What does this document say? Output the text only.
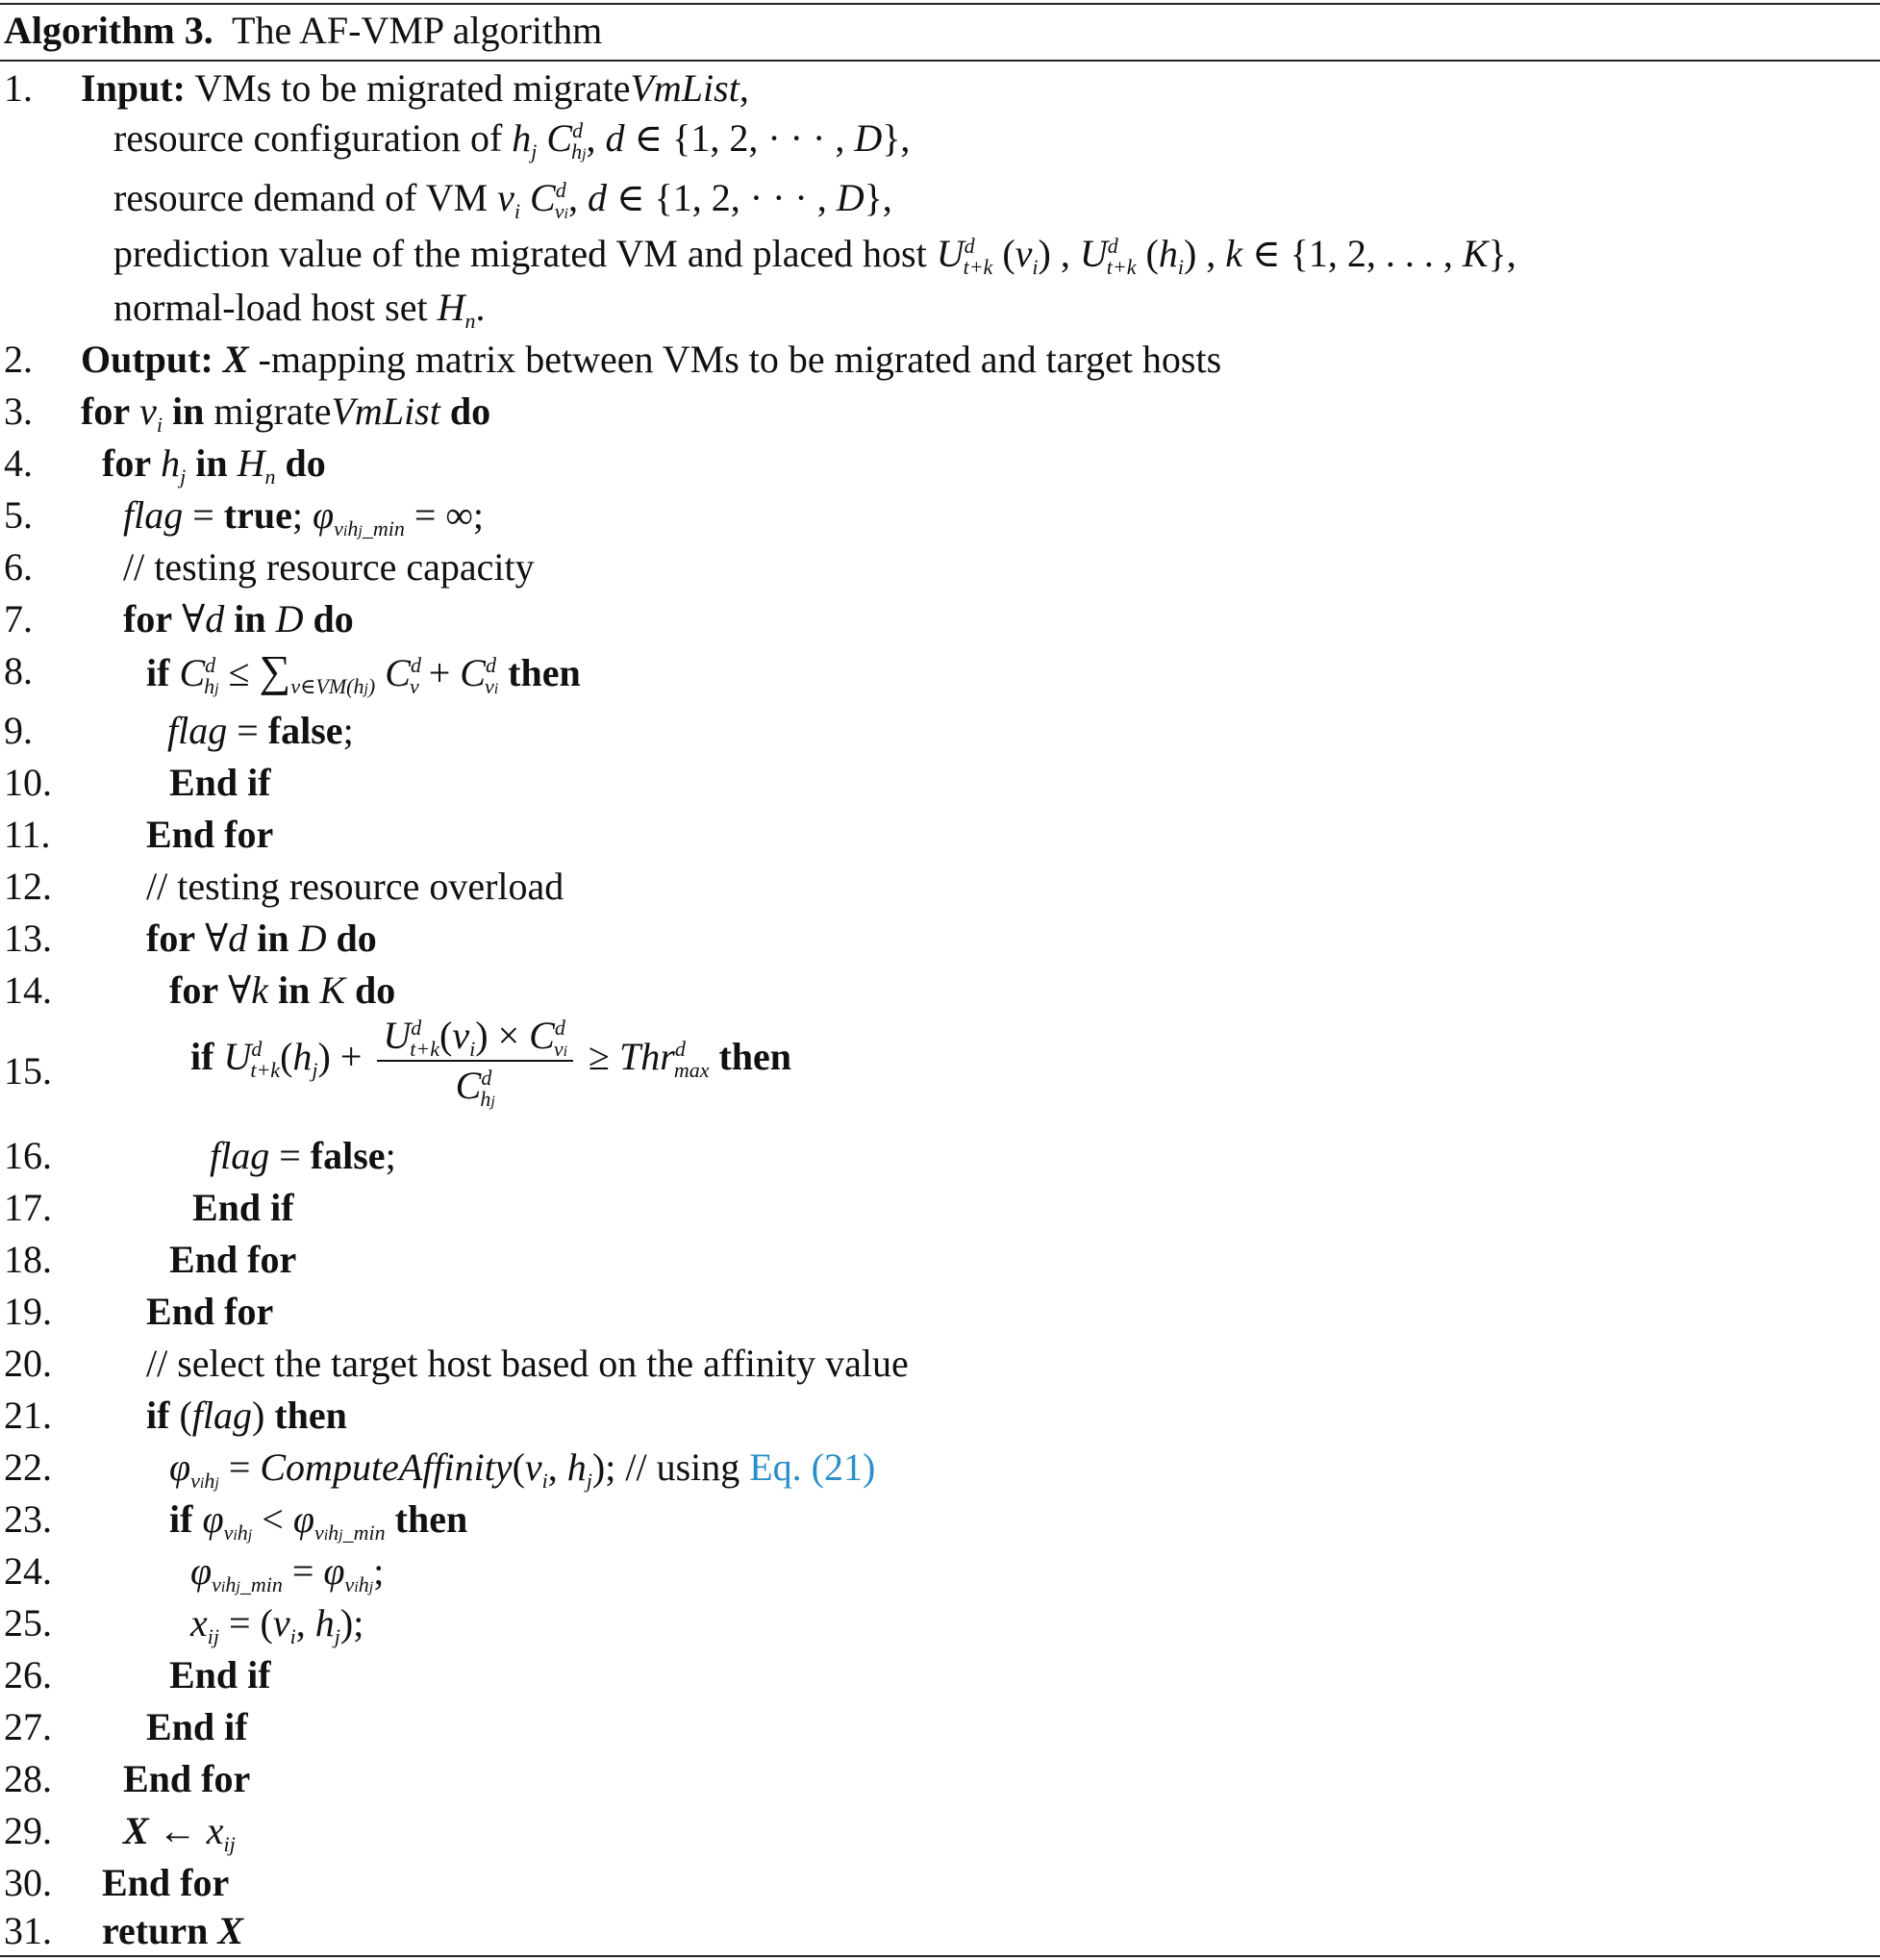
Algorithm 3. The AF-VMP algorithm
1. Input: VMs to be migrated migrateVmList,
resource configuration of $h_j$ $C^d_{hj}$, d ∈ {1, 2, · · · , D},
resource demand of VM $v_i$ $C^d_{vi}$, d ∈ {1, 2, · · · , D},
prediction value of the migrated VM and placed host $U^d_{t+k}$ $(v_i)$ , $U^d_{t+k}$ $(h_i)$ , k ∈ {1, 2, . . . , K},
normal-load host set $H_n$.
2. Output: X -mapping matrix between VMs to be migrated and target hosts
3. for $v_i$ in migrateVmList do
4. for $h_j$ in $H_n$ do
5. flag = true; $\varphi_{vihj\_min}$ = ∞;
6. // testing resource capacity
7. for ∀d in D do
8.	if $C^d_{hj} \le \sum_{v\in VM(hj)}$ $C^d_v + C^d_{vi}$ then
9.	flag = false;
10.	End if
11. End for
12. // testing resource overload
13. for ∀d in D do
14.	for ∀k in K do
15.	if $U^d_{t+k}(h_j) + \frac{U^d_{t+k}(v_i) \times C^d_{vi}}{C^d_{hj}} \ge Thr^d_{max}$ then
16.	flag = false;
17.	End if
18.	End for
19. End for
20. // select the target host based on the affinity value
21. if (flag) then
22.	$\varphi_{vihj}$ = $ComputeAffinity(v_i$, $h_j$); // using Eq. (21)
23.	if $\varphi_{vihj} < \varphi_{vihj\_min}$ then
24.	$\varphi_{vihj\_min} = \varphi_{vihj}$;
25.	$x_{ij} = (v_i$, $h_j$);
26.	End if
27. End if
28. End for
29. X ← $x_{ij}$
30. End for
31. return X
